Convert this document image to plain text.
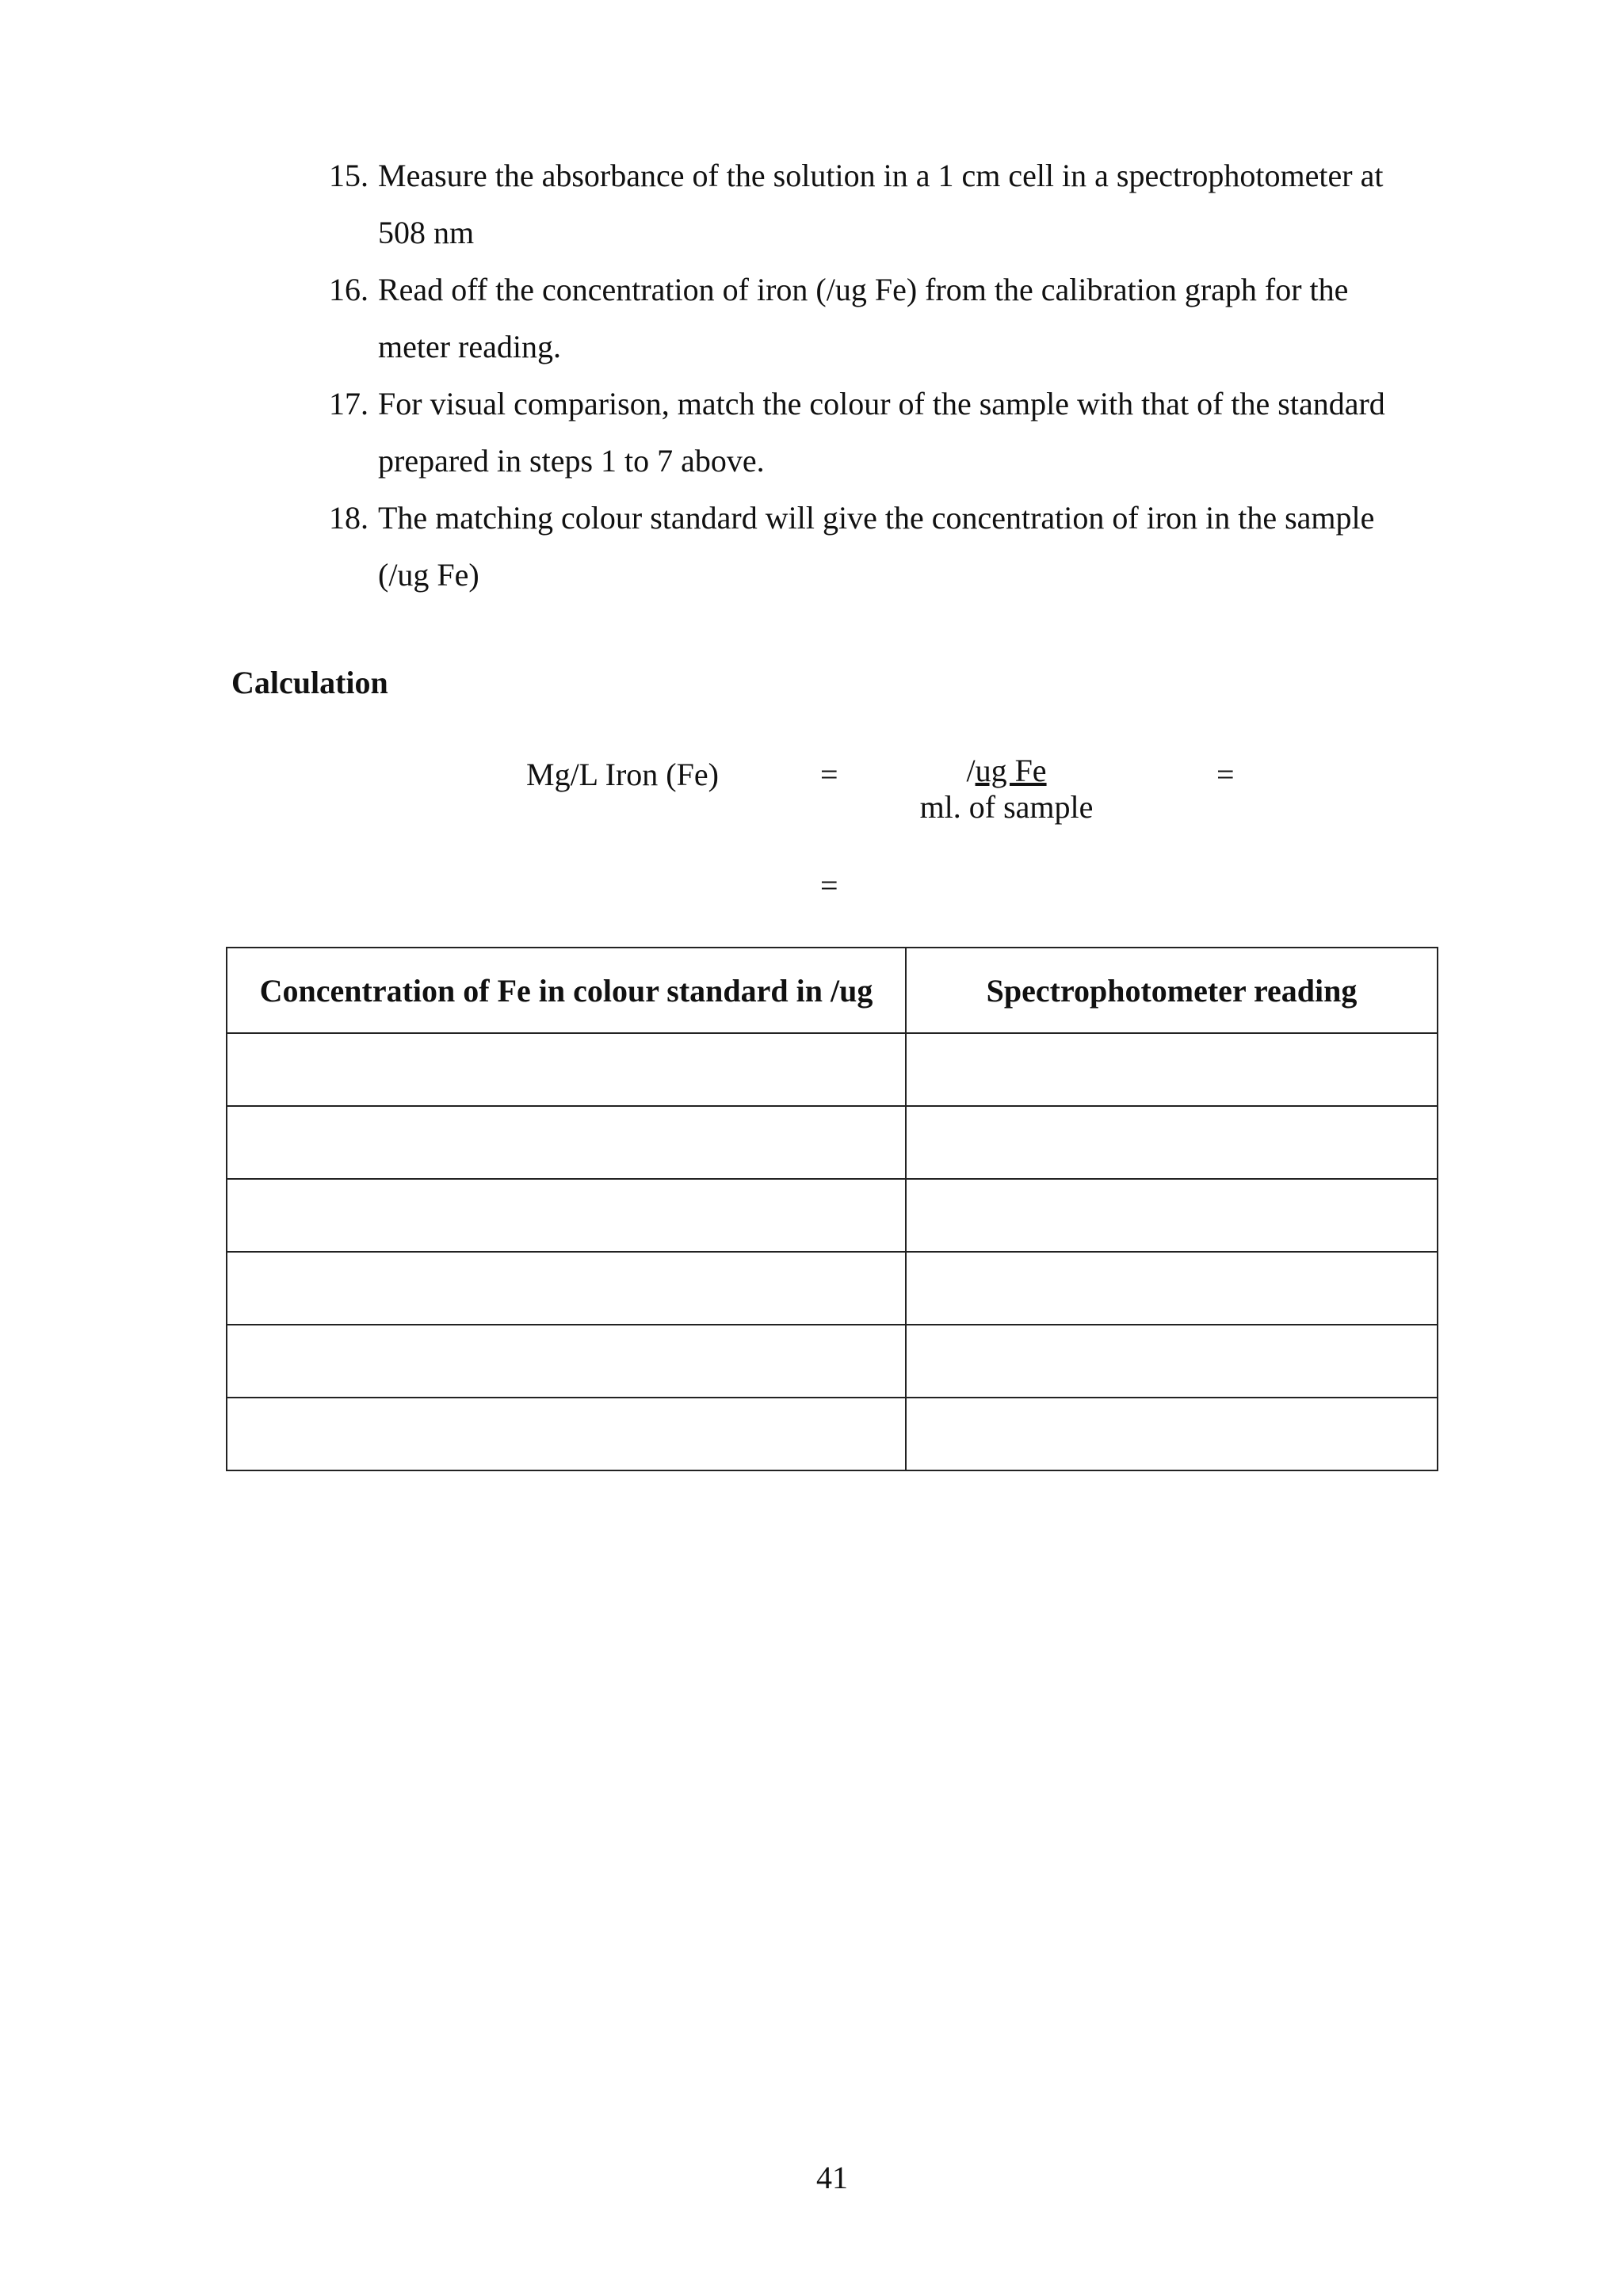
15. Measure the absorbance of the solution in a 1 cm cell in a spectrophotometer at
508 nm
16. Read off the concentration of iron (/ug Fe) from the calibration graph for the
meter reading.
17. For visual comparison, match the colour of the sample with that of the standard
prepared in steps 1 to 7 above.
18. The matching colour standard will give the concentration of iron in the sample
(/ug Fe)
Calculation
Mg/L Iron (Fe)	=	/ug Fe
ml. of sample
=
=
Concentration of Fe in colour standard in /ug	Spectrophotometer reading

41
